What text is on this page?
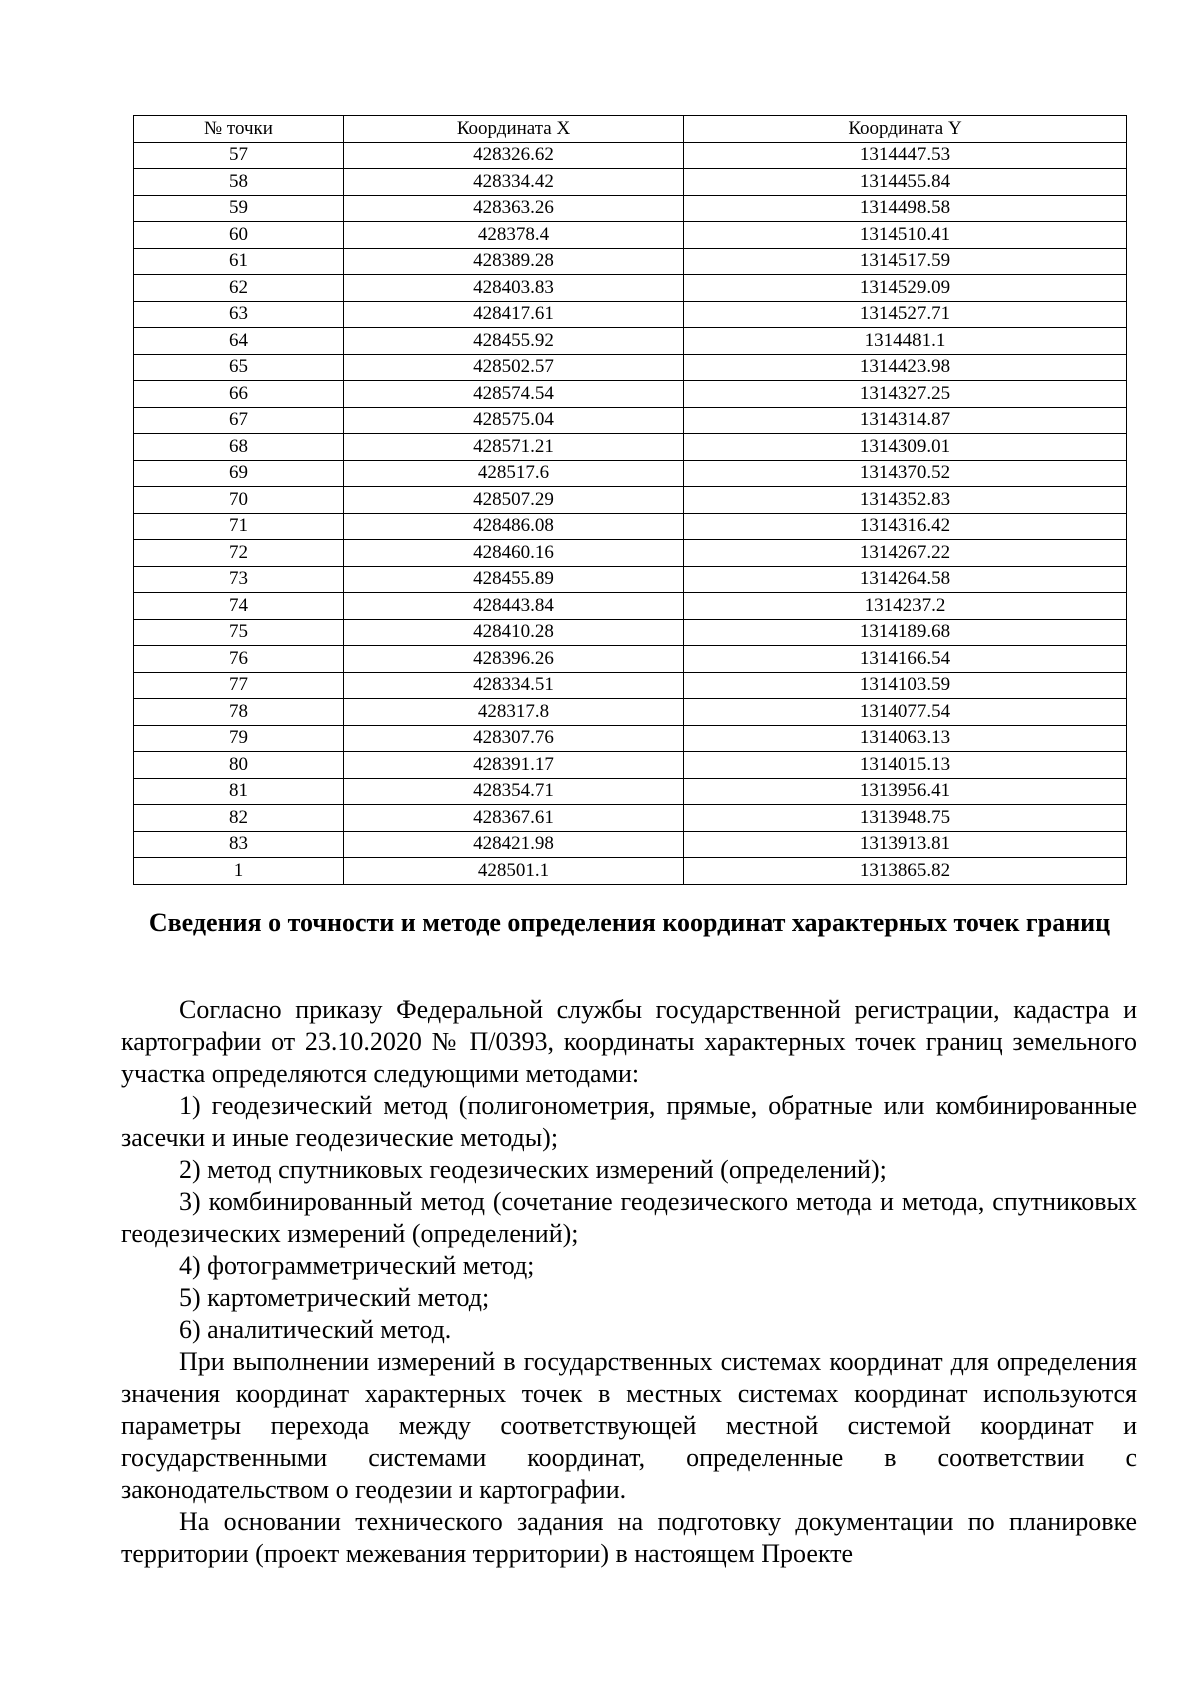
№ точки	Координата X	Координата Y
57	428326.62	1314447.53
58	428334.42	1314455.84
59	428363.26	1314498.58
60	428378.4	1314510.41
61	428389.28	1314517.59
62	428403.83	1314529.09
63	428417.61	1314527.71
64	428455.92	1314481.1
65	428502.57	1314423.98
66	428574.54	1314327.25
67	428575.04	1314314.87
68	428571.21	1314309.01
69	428517.6	1314370.52
70	428507.29	1314352.83
71	428486.08	1314316.42
72	428460.16	1314267.22
73	428455.89	1314264.58
74	428443.84	1314237.2
75	428410.28	1314189.68
76	428396.26	1314166.54
77	428334.51	1314103.59
78	428317.8	1314077.54
79	428307.76	1314063.13
80	428391.17	1314015.13
81	428354.71	1313956.41
82	428367.61	1313948.75
83	428421.98	1313913.81
1	428501.1	1313865.82
Сведения о точности и методе определения координат характерных точек границ

Согласно приказу Федеральной службы государственной регистрации, кадастра и картографии от 23.10.2020 № П/0393, координаты характерных точек границ земельного участка определяются следующими методами:

1) геодезический метод (полигонометрия, прямые, обратные или комбинированные засечки и иные геодезические методы);

2) метод спутниковых геодезических измерений (определений);

3) комбинированный метод (сочетание геодезического метода и метода, спутниковых геодезических измерений (определений);

4) фотограмметрический метод;

5) картометрический метод;

6) аналитический метод.

При выполнении измерений в государственных системах координат для определения значения координат характерных точек в местных системах координат используются параметры перехода между соответствующей местной системой координат и государственными системами координат, определенные в соответствии с законодательством о геодезии и картографии.

На основании технического задания на подготовку документации по планировке территории (проект межевания территории) в настоящем Проекте
